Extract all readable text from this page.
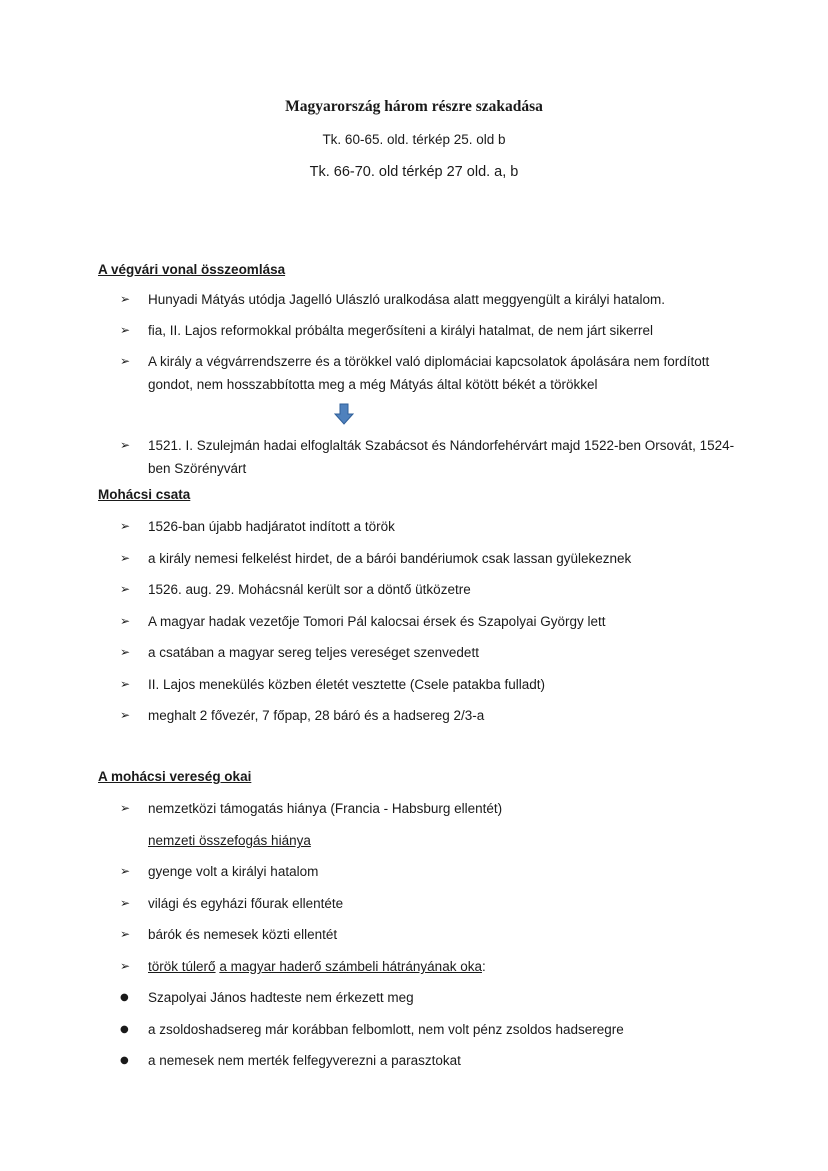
Magyarország három részre szakadása
Tk. 60-65. old. térkép 25. old b
Tk. 66-70. old térkép 27 old. a, b
A végvári vonal összeomlása
➢	Hunyadi Mátyás utódja Jagelló Ulászló uralkodása alatt meggyengült a királyi hatalom.
➢	fia, II. Lajos reformokkal próbálta megerősíteni a királyi hatalmat, de nem járt sikerrel
➢	A király a végvárrendszerre és a törökkel való diplomáciai kapcsolatok ápolására nem fordított gondot, nem hosszabbította meg a még Mátyás által kötött békét a törökkel
➢	1521. I. Szulejmán hadai elfoglalták Szabácsot és Nándorfehérvárt majd 1522-ben Orsovát, 1524-ben Szörényvárt
Mohácsi csata
➢	1526-ban újabb hadjáratot indított a török
➢	a király nemesi felkelést hirdet, de a bárói bandériumok csak lassan gyülekeznek
➢	1526. aug. 29. Mohácsnál került sor a döntő ütközetre
➢	A magyar hadak vezetője Tomori Pál kalocsai érsek és Szapolyai György lett
➢	a csatában a magyar sereg teljes vereséget szenvedett
➢	II. Lajos menekülés közben életét vesztette (Csele patakba fulladt)
➢	meghalt 2 fővezér, 7 főpap, 28 báró és a hadsereg 2/3-a
A mohácsi vereség okai
➢	nemzetközi támogatás hiánya (Francia - Habsburg ellentét)
nemzeti összefogás hiánya
➢	gyenge volt a királyi hatalom
➢	világi és egyházi főurak ellentéte
➢	bárók és nemesek közti ellentét
➢	török túlerő a magyar haderő számbeli hátrányának oka:
●	Szapolyai János hadteste nem érkezett meg
●	a zsoldoshadsereg már korábban felbomlott, nem volt pénz zsoldos hadseregre
●	a nemesek nem merték felfegyverezni a parasztokat
